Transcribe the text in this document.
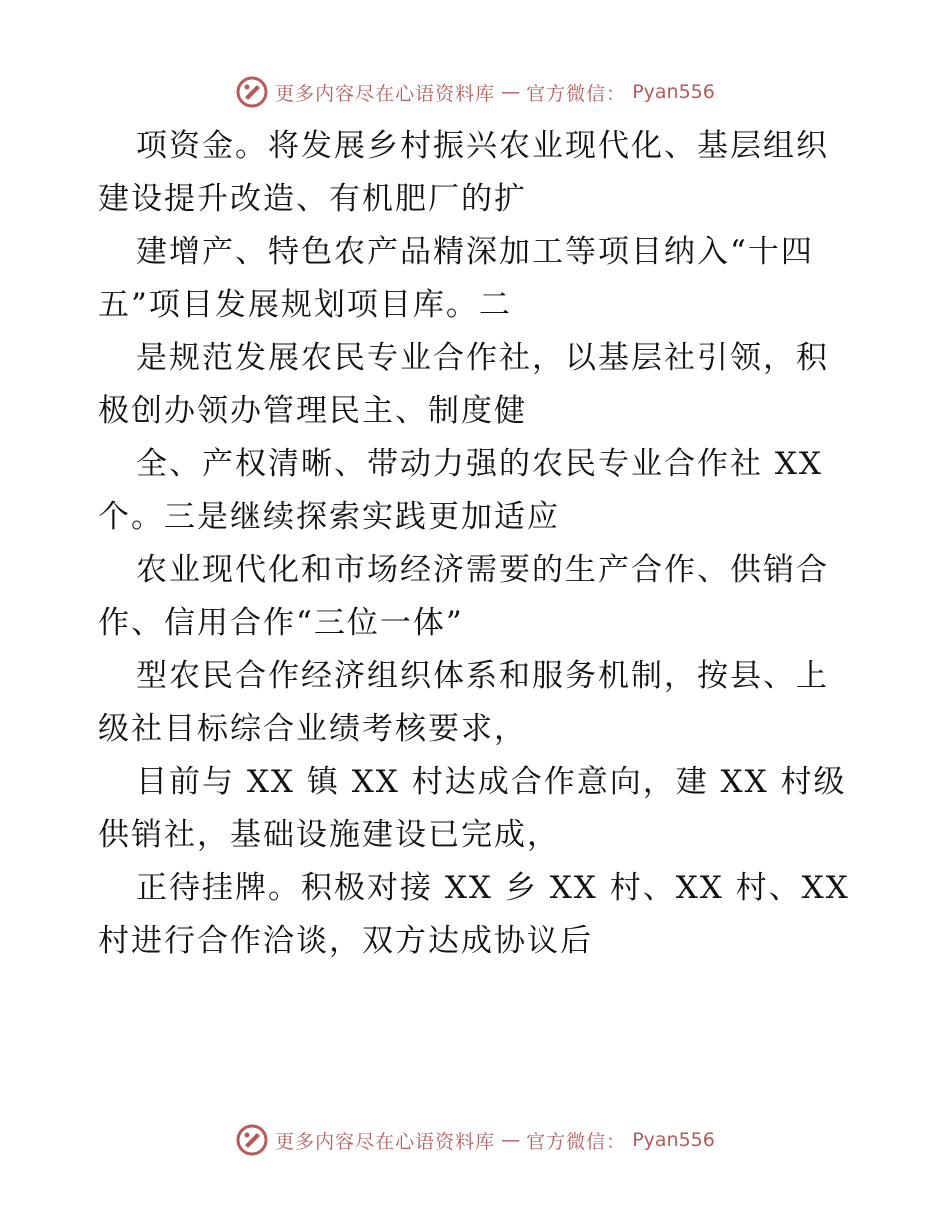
更多内容尽在心语资料库 — 官方微信： Pyan556
项资金。将发展乡村振兴农业现代化、基层组织
建设提升改造、有机肥厂的扩
建增产、特色农产品精深加工等项目纳入“十四
五”项目发展规划项目库。二
是规范发展农民专业合作社，以基层社引领，积
极创办领办管理民主、制度健
全、产权清晰、带动力强的农民专业合作社 XX
个。三是继续探索实践更加适应
农业现代化和市场经济需要的生产合作、供销合
作、信用合作“三位一体”
型农民合作经济组织体系和服务机制，按县、上
级社目标综合业绩考核要求，
目前与 XX 镇 XX 村达成合作意向，建 XX 村级
供销社，基础设施建设已完成，
正待挂牌。积极对接 XX 乡 XX 村、XX 村、XX
村进行合作洽谈，双方达成协议后
更多内容尽在心语资料库 — 官方微信： Pyan556
